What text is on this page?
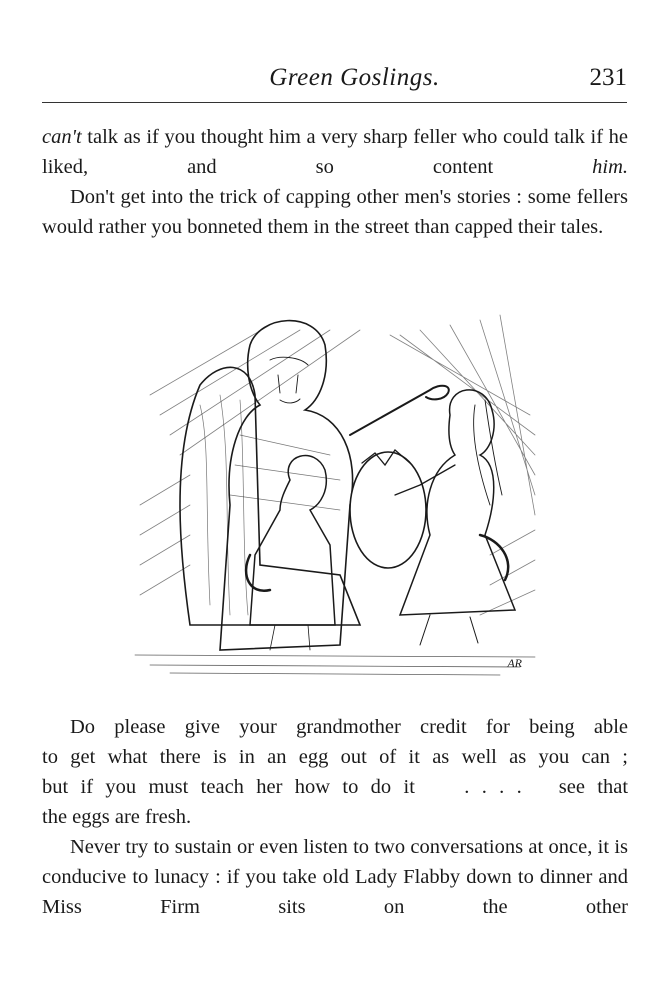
Green Goslings.	231

can't talk as if you thought him a very sharp feller who could talk if he liked, and so content him.

Don't get into the trick of capping other men's stories : some fellers would rather you bonneted them in the street than capped their tales.

AR

Do please give your grandmother credit for being able

to get what there is in an egg out of it as well as you can ;

but if you must teach her how to do it . . . . see that

the eggs are fresh.

Never try to sustain or even listen to two conversations at once, it is conducive to lunacy : if you take old Lady Flabby down to dinner and Miss Firm sits on the other
